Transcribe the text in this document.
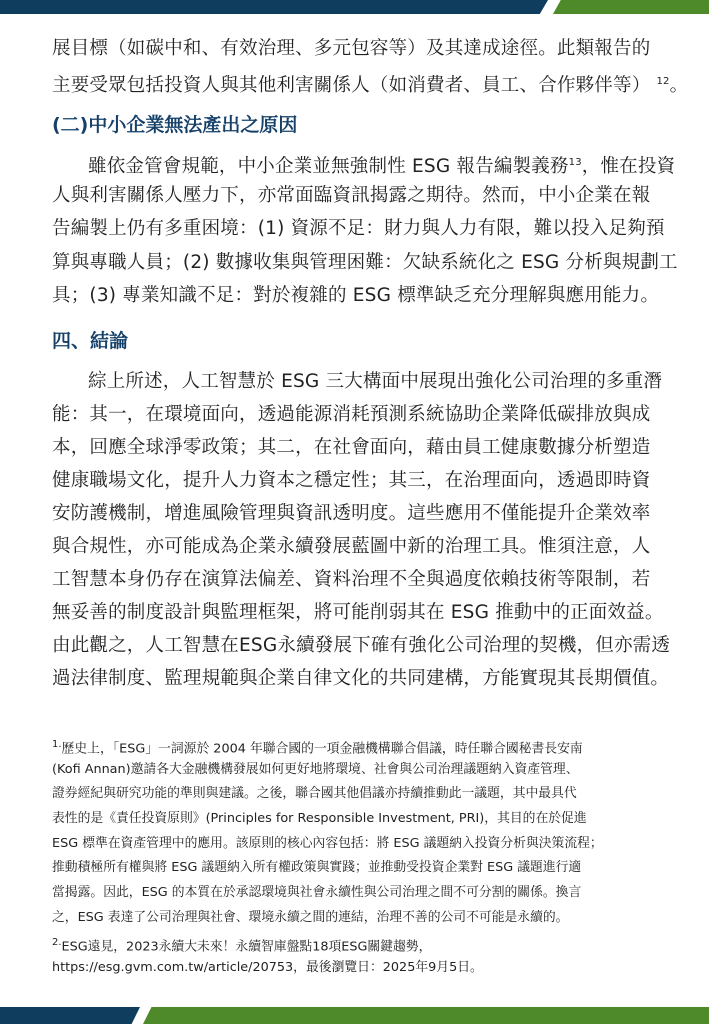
展目標（如碳中和、有效治理、多元包容等）及其達成途徑。此類報告的
主要受眾包括投資人與其他利害關係人（如消費者、員工、合作夥伴等） $^{12}$。
(二)中小企業無法產出之原因
雖依金管會規範，中小企業並無強制性 ESG 報告編製義務$^{13}$，惟在投資
人與利害關係人壓力下，亦常面臨資訊揭露之期待。然而，中小企業在報
告編製上仍有多重困境：(1) 資源不足：財力與人力有限，難以投入足夠預
算與專職人員；(2) 數據收集與管理困難：欠缺系統化之 ESG 分析與規劃工
具；(3) 專業知識不足：對於複雜的 ESG 標準缺乏充分理解與應用能力。
四、結論
綜上所述，人工智慧於 ESG 三大構面中展現出強化公司治理的多重潛
能：其一，在環境面向，透過能源消耗預測系統協助企業降低碳排放與成
本，回應全球淨零政策；其二，在社會面向，藉由員工健康數據分析塑造
健康職場文化，提升人力資本之穩定性；其三，在治理面向，透過即時資
安防護機制，增進風險管理與資訊透明度。這些應用不僅能提升企業效率
與合規性，亦可能成為企業永續發展藍圖中新的治理工具。惟須注意，人
工智慧本身仍存在演算法偏差、資料治理不全與過度依賴技術等限制，若
無妥善的制度設計與監理框架，將可能削弱其在 ESG 推動中的正面效益。
由此觀之，人工智慧在ESG永續發展下確有強化公司治理的契機，但亦需透
過法律制度、監理規範與企業自律文化的共同建構，方能實現其長期價值。
$^{1.}$歷史上，「ESG」一詞源於 2004 年聯合國的一項金融機構聯合倡議，時任聯合國秘書長安南
(Kofi Annan)邀請各大金融機構發展如何更好地將環境、社會與公司治理議題納入資產管理、
證券經紀與研究功能的準則與建議。之後，聯合國其他倡議亦持續推動此一議題，其中最具代
表性的是《責任投資原則》(Principles for Responsible Investment, PRI)，其目的在於促進
ESG 標準在資產管理中的應用。該原則的核心內容包括：將 ESG 議題納入投資分析與決策流程；
推動積極所有權與將 ESG 議題納入所有權政策與實踐；並推動受投資企業對 ESG 議題進行適
當揭露。因此，ESG 的本質在於承認環境與社會永續性與公司治理之間不可分割的關係。換言
之，ESG 表達了公司治理與社會、環境永續之間的連結，治理不善的公司不可能是永續的。
$^{2.}$ESG遠見，2023永續大未來！永續智庫盤點18項ESG關鍵趨勢，
https://esg.gvm.com.tw/article/20753，最後瀏覽日：2025年9月5日。
